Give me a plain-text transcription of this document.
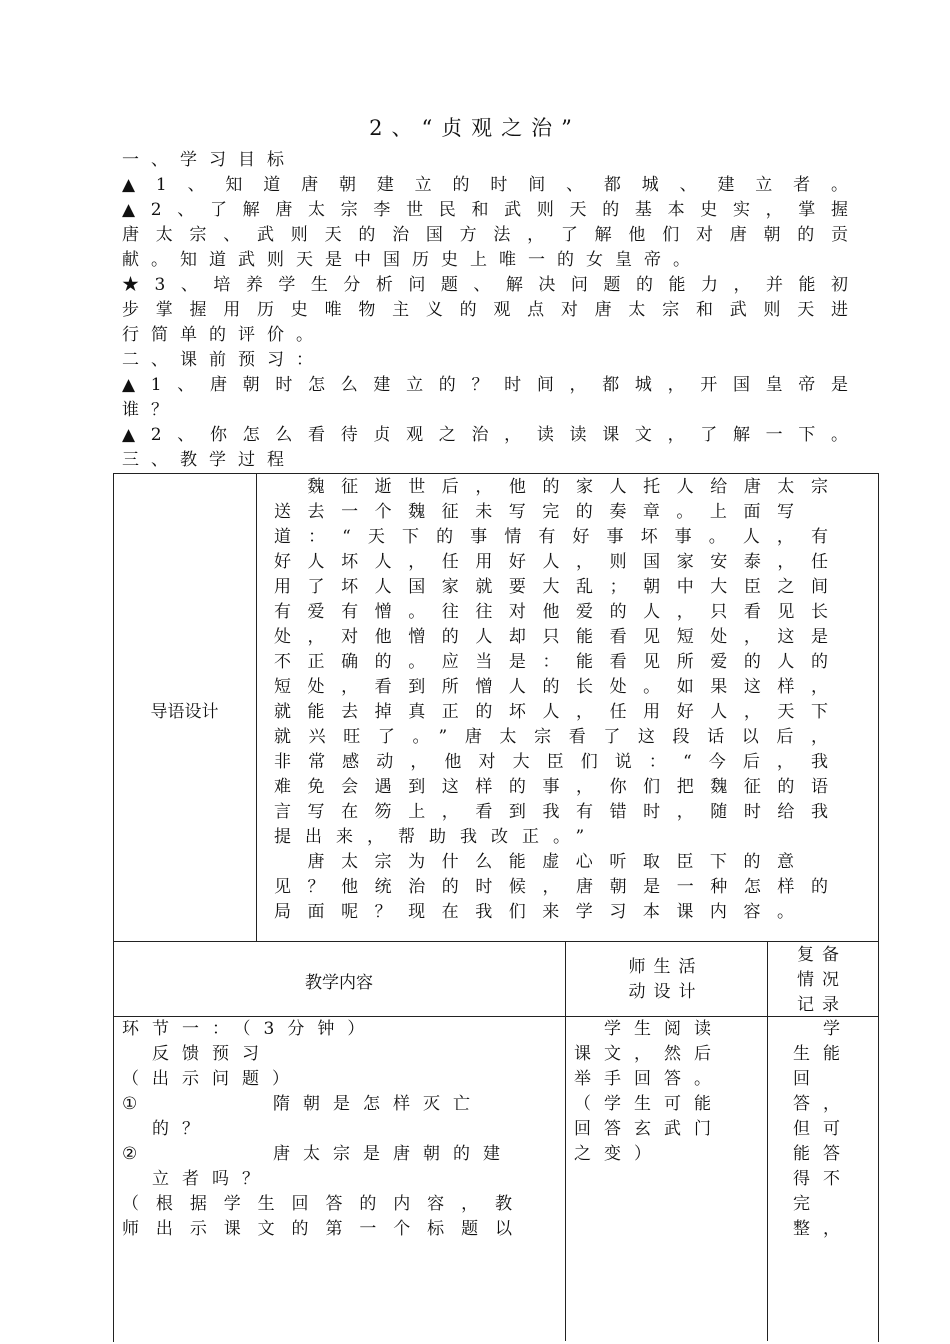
2、“贞观之治”
一、学习目标
▲1、知道唐朝建立的时间、都城、建立者。
▲2、了解唐太宗李世民和武则天的基本史实，掌握
唐太宗、武则天的治国方法，了解他们对唐朝的贡
献。知道武则天是中国历史上唯一的女皇帝。
★3、培养学生分析问题、解决问题的能力，并能初
步掌握用历史唯物主义的观点对唐太宗和武则天进
行简单的评价。
二、课前预习：
▲1、唐朝时怎么建立的？时间，都城，开国皇帝是
谁？
▲2、你怎么看待贞观之治，读读课文，了解一下。
三、教学过程
导语设计
　魏征逝世后，他的家人托人给唐太宗
送去一个魏征未写完的奏章。上面写
道：“天下的事情有好事坏事。人，有
好人坏人，任用好人，则国家安泰，任
用了坏人国家就要大乱；朝中大臣之间
有爱有憎。往往对他爱的人，只看见长
处，对他憎的人却只能看见短处，这是
不正确的。应当是：能看见所爱的人的
短处，看到所憎人的长处。如果这样，
就能去掉真正的坏人，任用好人，天下
就兴旺了。”唐太宗看了这段话以后，
非常感动，他对大臣们说：“今后，我
难免会遇到这样的事，你们把魏征的语
言写在笏上，看到我有错时，随时给我
提出来，帮助我改正。”
　唐太宗为什么能虚心听取臣下的意
见？他统治的时候，唐朝是一种怎样的
局面呢？现在我们来学习本课内容。
教学内容
师生活
动设计
复备
情况
记录
环节一：（3分钟）
　反馈预习
（出示问题）
①	隋朝是怎样灭亡
　的？
②	唐太宗是唐朝的建
　立者吗？
（根据学生回答的内容，教
师出示课文的第一个标题以
　学生阅读
课文，然后
举手回答。
（学生可能
回答玄武门
之变）
　学
生能
回
答，
但可
能答
得不
完
整，
